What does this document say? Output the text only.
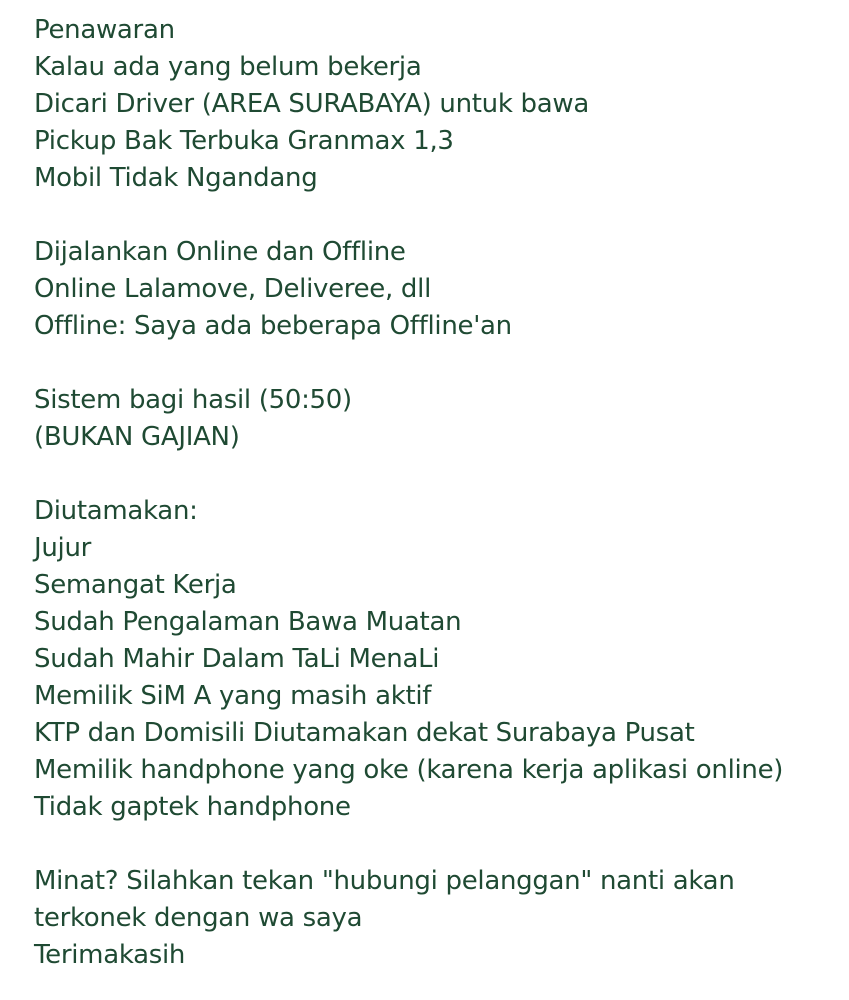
Penawaran
Kalau ada yang belum bekerja
Dicari Driver (AREA SURABAYA) untuk bawa
Pickup Bak Terbuka Granmax 1,3
Mobil Tidak Ngandang
Dijalankan Online dan Offline
Online Lalamove, Deliveree, dll
Offline: Saya ada beberapa Offline'an
Sistem bagi hasil (50:50)
(BUKAN GAJIAN)
Diutamakan:
Jujur
Semangat Kerja
Sudah Pengalaman Bawa Muatan
Sudah Mahir Dalam TaLi MenaLi
Memilik SiM A yang masih aktif
KTP dan Domisili Diutamakan dekat Surabaya Pusat
Memilik handphone yang oke (karena kerja aplikasi online)
Tidak gaptek handphone
Minat? Silahkan tekan "hubungi pelanggan" nanti akan
terkonek dengan wa saya
Terimakasih
